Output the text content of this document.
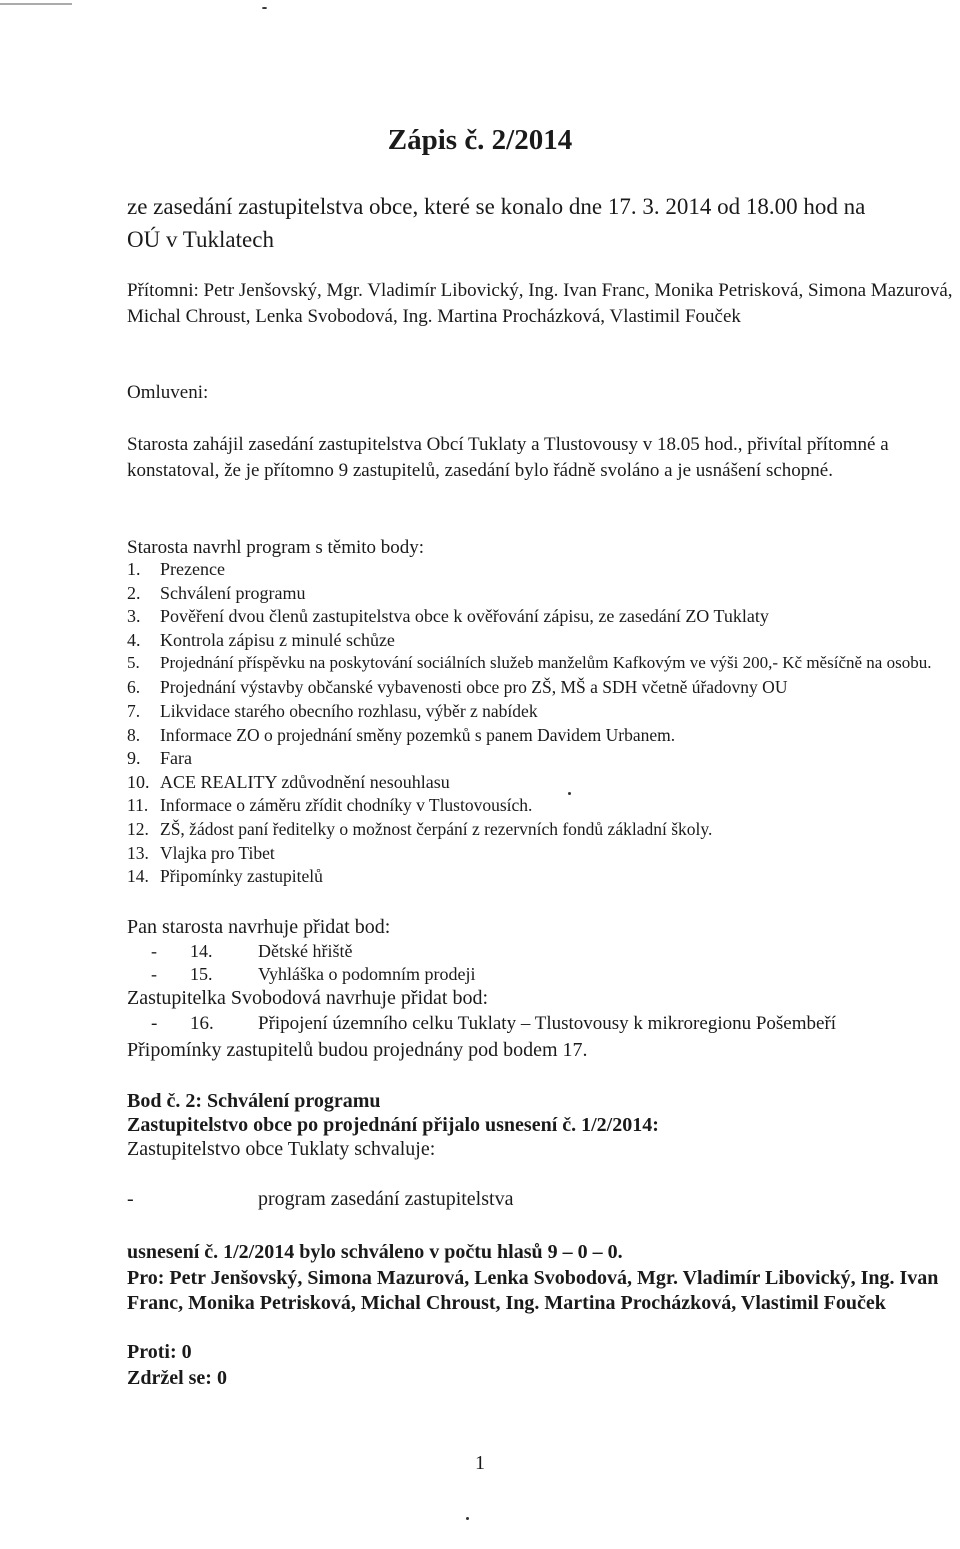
Zápis č. 2/2014

ze zasedání zastupitelstva obce, které se konalo dne 17. 3. 2014 od 18.00 hod na

OÚ v Tuklatech

Přítomni: Petr Jenšovský, Mgr. Vladimír Libovický, Ing. Ivan Franc, Monika Petrisková, Simona Mazurová, Michal Chroust, Lenka Svobodová, Ing. Martina Procházková, Vlastimil Fouček

Omluveni:

Starosta zahájil zasedání zastupitelstva Obcí Tuklaty a Tlustovousy v 18.05 hod., přivítal přítomné a konstatoval, že je přítomno 9 zastupitelů, zasedání bylo řádně svoláno a je usnášení schopné.

Starosta navrhl program s těmito body:

1. Prezence
2. Schválení programu
3. Pověření dvou členů zastupitelstva obce k ověřování zápisu, ze zasedání ZO Tuklaty
4. Kontrola zápisu z minulé schůze
5. Projednání příspěvku na poskytování sociálních služeb manželům Kafkovým ve výši 200,- Kč měsíčně na osobu.
6. Projednání výstavby občanské vybavenosti obce pro ZŠ, MŠ a SDH včetně úřadovny OU
7. Likvidace starého obecního rozhlasu, výběr z nabídek
8. Informace ZO o projednání směny pozemků s panem Davidem Urbanem.
9. Fara
10. ACE REALITY zdůvodnění nesouhlasu
11. Informace o záměru zřídit chodníky v Tlustovousích.
12. ZŠ, žádost paní ředitelky o možnost čerpání z rezervních fondů základní školy.
13. Vlajka pro Tibet
14. Připomínky zastupitelů

Pan starosta navrhuje přidat bod:

- 14.	Dětské hřiště

- 15.	Vyhláška o podomním prodeji

Zastupitelka Svobodová navrhuje přidat bod:

- 16. Připojení územního celku Tuklaty – Tlustovousy k mikroregionu Pošembeří

Připomínky zastupitelů budou projednány pod bodem 17.

Bod č. 2: Schválení programu

Zastupitelstvo obce po projednání přijalo usnesení č. 1/2/2014:

Zastupitelstvo obce Tuklaty schvaluje:

-	program zasedání zastupitelstva

usnesení č. 1/2/2014 bylo schváleno v počtu hlasů 9 – 0 – 0.

Pro: Petr Jenšovský, Simona Mazurová, Lenka Svobodová, Mgr. Vladimír Libovický, Ing. Ivan Franc, Monika Petrisková, Michal Chroust, Ing. Martina Procházková, Vlastimil Fouček

Proti: 0

Zdržel se: 0

1
